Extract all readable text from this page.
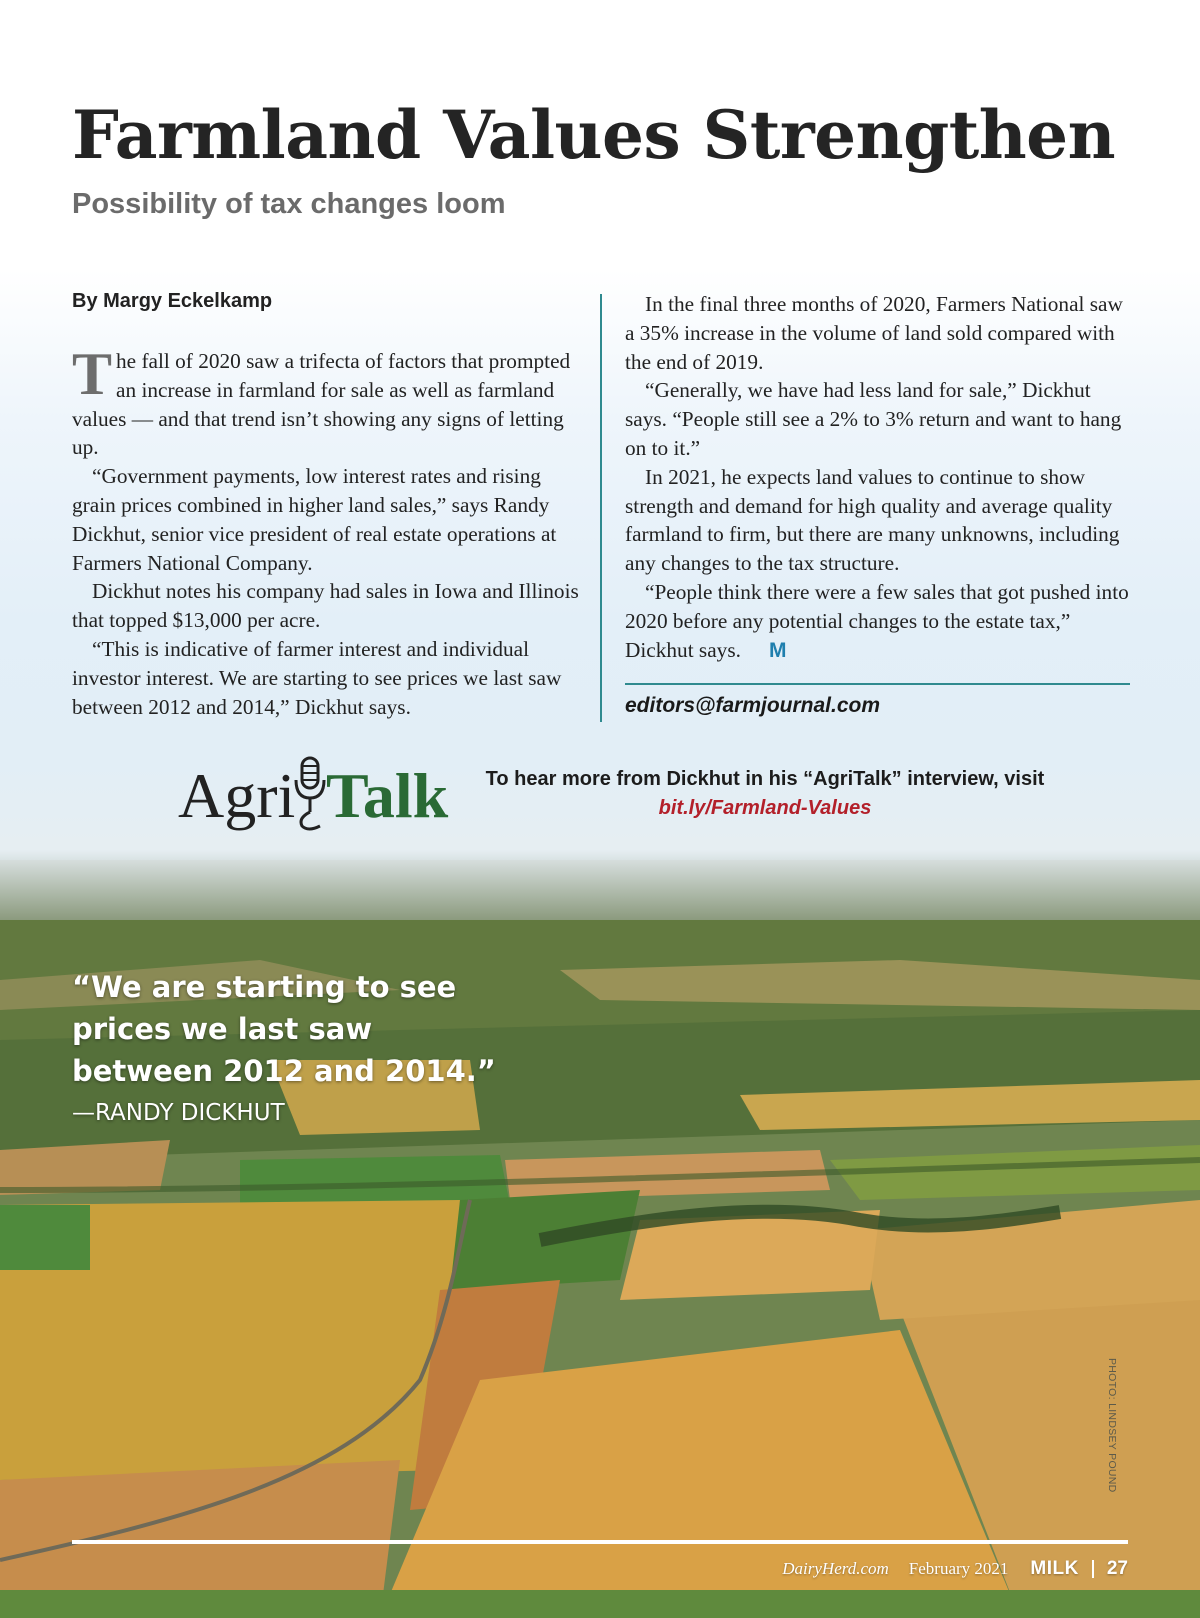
Farmland Values Strengthen
Possibility of tax changes loom
By Margy Eckelkamp

The fall of 2020 saw a trifecta of factors that prompted an increase in farmland for sale as well as farmland values — and that trend isn’t showing any signs of letting up.

“Government payments, low interest rates and rising grain prices combined in higher land sales,” says Randy Dickhut, senior vice president of real estate operations at Farmers National Company.

Dickhut notes his company had sales in Iowa and Illinois that topped $13,000 per acre.

“This is indicative of farmer interest and individual investor interest. We are starting to see prices we last saw between 2012 and 2014,” Dickhut says.

In the final three months of 2020, Farmers National saw a 35% increase in the volume of land sold compared with the end of 2019.

“Generally, we have had less land for sale,” Dickhut says. “People still see a 2% to 3% return and want to hang on to it.”

In 2021, he expects land values to continue to show strength and demand for high quality and average quality farmland to firm, but there are many unknowns, including any changes to the tax structure.

“People think there were a few sales that got pushed into 2020 before any potential changes to the estate tax,” Dickhut says. M

editors@farmjournal.com
Agri Talk	To hear more from Dickhut in his “AgriTalk” interview, visit
bit.ly/Farmland-Values
“We are starting to see prices we last saw between 2012 and 2014.”
—RANDY DICKHUT
PHOTO: LINDSEY POUND
DairyHerd.com February 2021 MILK 27
